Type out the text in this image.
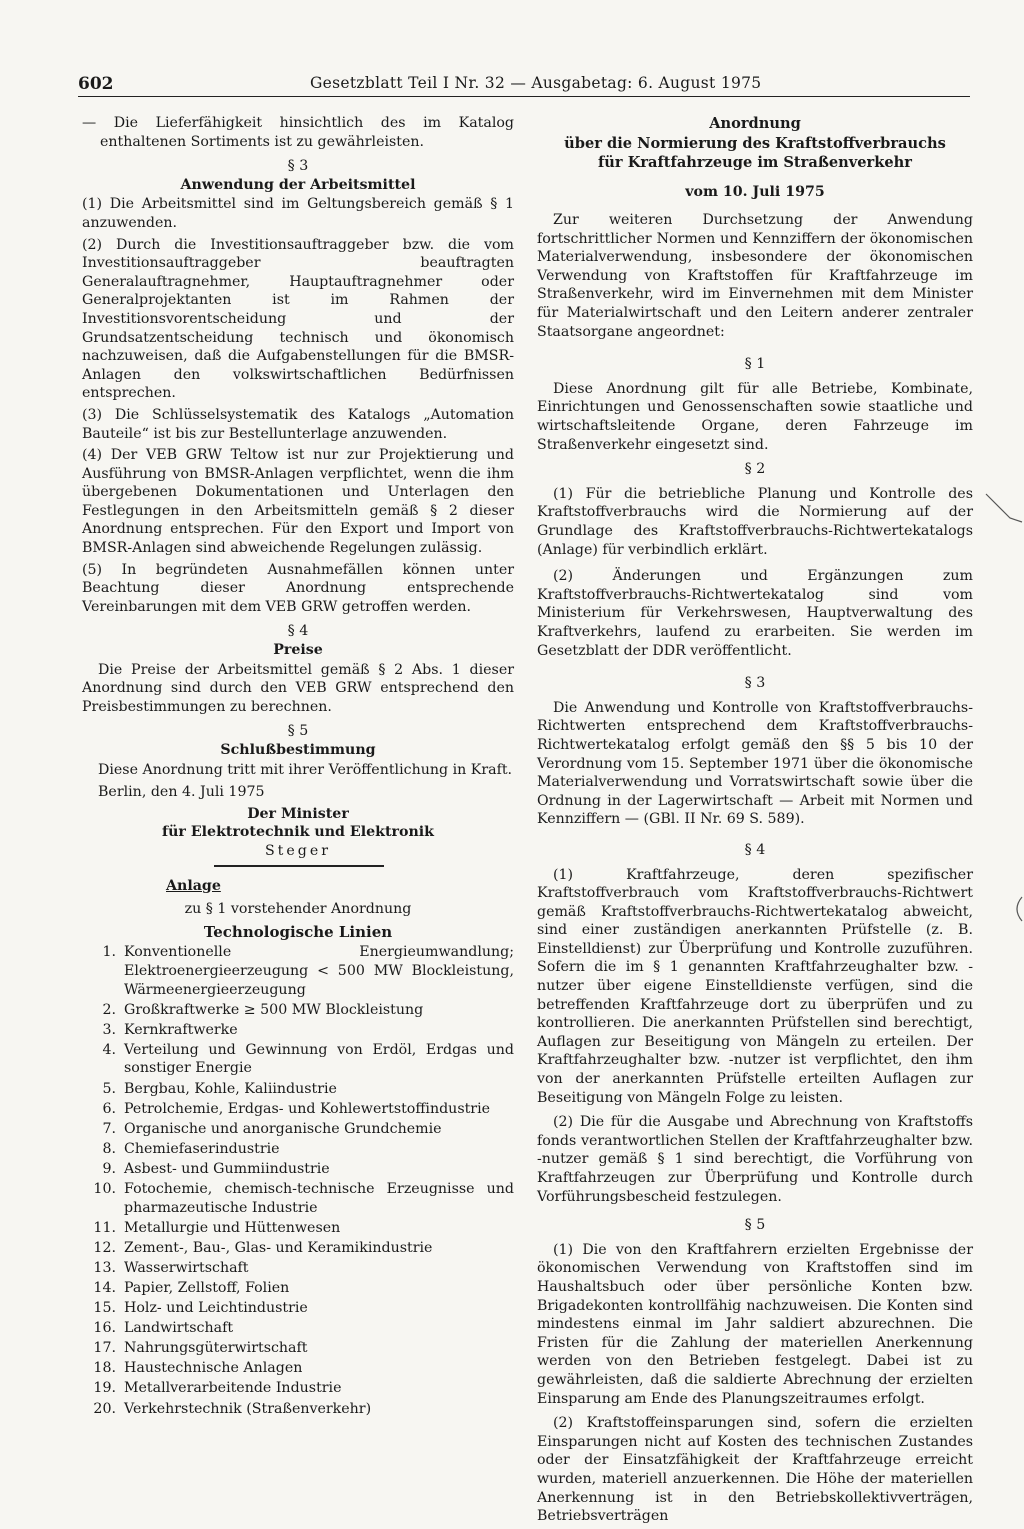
602	Gesetzblatt Teil I Nr. 32 — Ausgabetag: 6. August 1975

— Die Lieferfähigkeit hinsichtlich des im Katalog enthaltenen Sortiments ist zu gewährleisten.

§ 3
Anwendung der Arbeitsmittel

(1) Die Arbeitsmittel sind im Geltungsbereich gemäß § 1 anzuwenden.

(2) Durch die Investitionsauftraggeber bzw. die vom Investitionsauftraggeber beauftragten Generalauftragnehmer, Hauptauftragnehmer oder Generalprojektanten ist im Rahmen der Investitionsvorentscheidung und der Grundsatzentscheidung technisch und ökonomisch nachzuweisen, daß die Aufgabenstellungen für die BMSR-Anlagen den volkswirtschaftlichen Bedürfnissen entsprechen.

(3) Die Schlüsselsystematik des Katalogs „Automation Bauteile“ ist bis zur Bestellunterlage anzuwenden.

(4) Der VEB GRW Teltow ist nur zur Projektierung und Ausführung von BMSR-Anlagen verpflichtet, wenn die ihm übergebenen Dokumentationen und Unterlagen den Festlegungen in den Arbeitsmitteln gemäß § 2 dieser Anordnung entsprechen. Für den Export und Import von BMSR-Anlagen sind abweichende Regelungen zulässig.

(5) In begründeten Ausnahmefällen können unter Beachtung dieser Anordnung entsprechende Vereinbarungen mit dem VEB GRW getroffen werden.

§ 4
Preise

Die Preise der Arbeitsmittel gemäß § 2 Abs. 1 dieser Anordnung sind durch den VEB GRW entsprechend den Preisbestimmungen zu berechnen.

§ 5
Schlußbestimmung

Diese Anordnung tritt mit ihrer Veröffentlichung in Kraft.

Berlin, den 4. Juli 1975

Der Minister
für Elektrotechnik und Elektronik
Steger
Anlage
zu § 1 vorstehender Anordnung
Technologische Linien
1. Konventionelle Energieumwandlung; Elektroenergieerzeugung < 500 MW Blockleistung, Wärmeenergieerzeugung
2. Großkraftwerke ≥ 500 MW Blockleistung
3. Kernkraftwerke
4. Verteilung und Gewinnung von Erdöl, Erdgas und sonstiger Energie
5. Bergbau, Kohle, Kaliindustrie
6. Petrolchemie, Erdgas- und Kohlewertstoffindustrie
7. Organische und anorganische Grundchemie
8. Chemiefaserindustrie
9. Asbest- und Gummiindustrie
10. Fotochemie, chemisch-technische Erzeugnisse und pharmazeutische Industrie
11. Metallurgie und Hüttenwesen
12. Zement-, Bau-, Glas- und Keramikindustrie
13. Wasserwirtschaft
14. Papier, Zellstoff, Folien
15. Holz- und Leichtindustrie
16. Landwirtschaft
17. Nahrungsgüterwirtschaft
18. Haustechnische Anlagen
19. Metallverarbeitende Industrie
20. Verkehrstechnik (Straßenverkehr)
Anordnung
über die Normierung des Kraftstoffverbrauchs
für Kraftfahrzeuge im Straßenverkehr
vom 10. Juli 1975

Zur weiteren Durchsetzung der Anwendung fortschrittlicher Normen und Kennziffern der ökonomischen Materialverwendung, insbesondere der ökonomischen Verwendung von Kraftstoffen für Kraftfahrzeuge im Straßenverkehr, wird im Einvernehmen mit dem Minister für Materialwirtschaft und den Leitern anderer zentraler Staatsorgane angeordnet:

§ 1

Diese Anordnung gilt für alle Betriebe, Kombinate, Einrichtungen und Genossenschaften sowie staatliche und wirtschaftsleitende Organe, deren Fahrzeuge im Straßenverkehr eingesetzt sind.

§ 2

(1) Für die betriebliche Planung und Kontrolle des Kraftstoffverbrauchs wird die Normierung auf der Grundlage des Kraftstoffverbrauchs-Richtwertekatalogs (Anlage) für verbindlich erklärt.

(2) Änderungen und Ergänzungen zum Kraftstoffverbrauchs-Richtwertekatalog sind vom Ministerium für Verkehrswesen, Hauptverwaltung des Kraftverkehrs, laufend zu erarbeiten. Sie werden im Gesetzblatt der DDR veröffentlicht.

§ 3

Die Anwendung und Kontrolle von Kraftstoffverbrauchs-Richtwerten entsprechend dem Kraftstoffverbrauchs-Richtwertekatalog erfolgt gemäß den §§ 5 bis 10 der Verordnung vom 15. September 1971 über die ökonomische Materialverwendung und Vorratswirtschaft sowie über die Ordnung in der Lagerwirtschaft — Arbeit mit Normen und Kennziffern — (GBl. II Nr. 69 S. 589).

§ 4

(1) Kraftfahrzeuge, deren spezifischer Kraftstoffverbrauch vom Kraftstoffverbrauchs-Richtwert gemäß Kraftstoffverbrauchs-Richtwertekatalog abweicht, sind einer zuständigen anerkannten Prüfstelle (z. B. Einstelldienst) zur Überprüfung und Kontrolle zuzuführen. Sofern die im § 1 genannten Kraftfahrzeughalter bzw. -nutzer über eigene Einstelldienste verfügen, sind die betreffenden Kraftfahrzeuge dort zu überprüfen und zu kontrollieren. Die anerkannten Prüfstellen sind berechtigt, Auflagen zur Beseitigung von Mängeln zu erteilen. Der Kraftfahrzeughalter bzw. -nutzer ist verpflichtet, den ihm von der anerkannten Prüfstelle erteilten Auflagen zur Beseitigung von Mängeln Folge zu leisten.

(2) Die für die Ausgabe und Abrechnung von Kraftstoffs fonds verantwortlichen Stellen der Kraftfahrzeughalter bzw. -nutzer gemäß § 1 sind berechtigt, die Vorführung von Kraftfahrzeugen zur Überprüfung und Kontrolle durch Vorführungsbescheid festzulegen.

§ 5

(1) Die von den Kraftfahrern erzielten Ergebnisse der ökonomischen Verwendung von Kraftstoffen sind im Haushaltsbuch oder über persönliche Konten bzw. Brigadekonten kontrollfähig nachzuweisen. Die Konten sind mindestens einmal im Jahr saldiert abzurechnen. Die Fristen für die Zahlung der materiellen Anerkennung werden von den Betrieben festgelegt. Dabei ist zu gewährleisten, daß die saldierte Abrechnung der erzielten Einsparung am Ende des Planungszeitraumes erfolgt.

(2) Kraftstoffeinsparungen sind, sofern die erzielten Einsparungen nicht auf Kosten des technischen Zustandes oder der Einsatzfähigkeit der Kraftfahrzeuge erreicht wurden, materiell anzuerkennen. Die Höhe der materiellen Anerkennung ist in den Betriebskollektivverträgen, Betriebsverträgen
